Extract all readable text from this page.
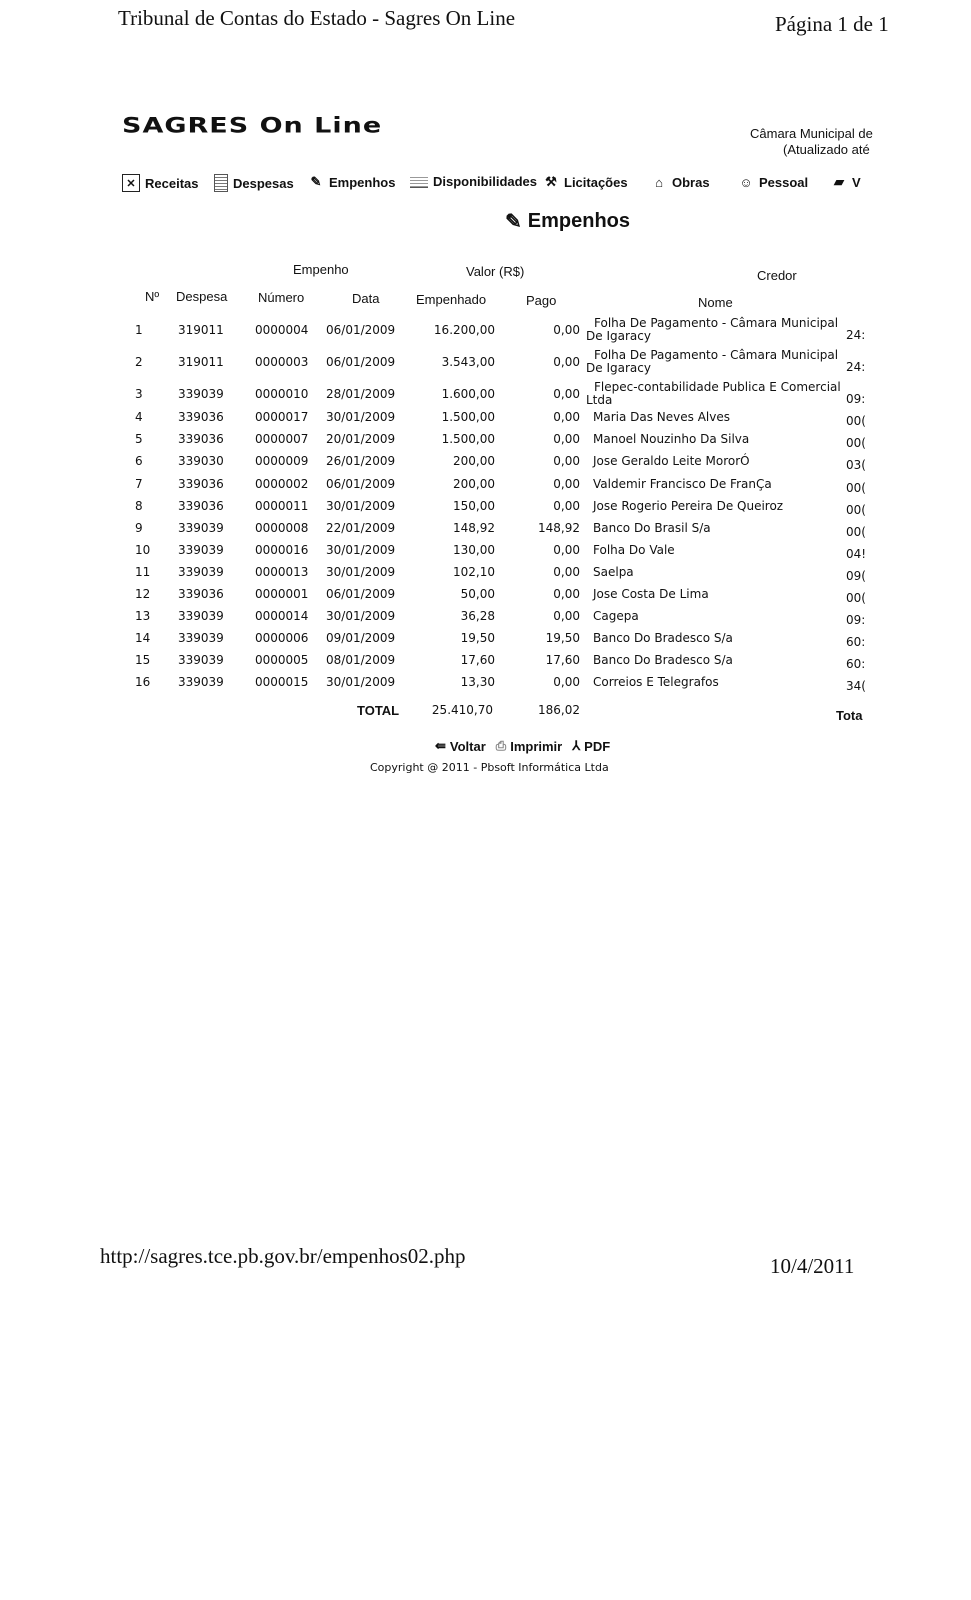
Tribunal de Contas do Estado - Sagres On Line	Página 1 de 1
SAGRES On Line	Câmara Municipal de
(Atualizado até
✕ Receitas	Despesas ✎ Empenhos	Disponibilidades ⚒ Licitações	⌂ Obras ☺ Pessoal ▰ V
✎ Empenhos
Empenho	Valor (R$)	Credor
Nº Despesa Número	Data	Empenhado	Pago	Nome
1	319011	0000004	06/01/2009	16.200,00	0,00 Folha De Pagamento - Câmara Municipal
De Igaracy	24:
2	319011	0000003	06/01/2009	3.543,00	0,00 Folha De Pagamento - Câmara Municipal
De Igaracy	24:
3	339039	0000010	28/01/2009	1.600,00	0,00 Flepec-contabilidade Publica E Comercial
Ltda	09:
4	339036	0000017	30/01/2009	1.500,00	0,00 Maria Das Neves Alves	00(
5	339036	0000007	20/01/2009	1.500,00	0,00 Manoel Nouzinho Da Silva	00(
6	339030	0000009	26/01/2009	200,00	0,00 Jose Geraldo Leite MororÓ	03(
7	339036	0000002	06/01/2009	200,00	0,00 Valdemir Francisco De FranÇa	00(
8	339036	0000011	30/01/2009	150,00	0,00 Jose Rogerio Pereira De Queiroz	00(
9	339039	0000008	22/01/2009	148,92	148,92 Banco Do Brasil S/a	00(
10	339039	0000016	30/01/2009	130,00	0,00 Folha Do Vale	04!
11	339039	0000013	30/01/2009	102,10	0,00 Saelpa	09(
12	339036	0000001	06/01/2009	50,00	0,00 Jose Costa De Lima	00(
13	339039	0000014	30/01/2009	36,28	0,00 Cagepa	09:
14	339039	0000006	09/01/2009	19,50	19,50 Banco Do Bradesco S/a	60:
15	339039	0000005	08/01/2009	17,60	17,60 Banco Do Bradesco S/a	60:
16	339039	0000015	30/01/2009	13,30	0,00 Correios E Telegrafos	34(
TOTAL	25.410,70	186,02	Tota
⇚ Voltar ⎙ Imprimir ⅄ PDF
Copyright @ 2011 - Pbsoft Informática Ltda
http://sagres.tce.pb.gov.br/empenhos02.php	10/4/2011
